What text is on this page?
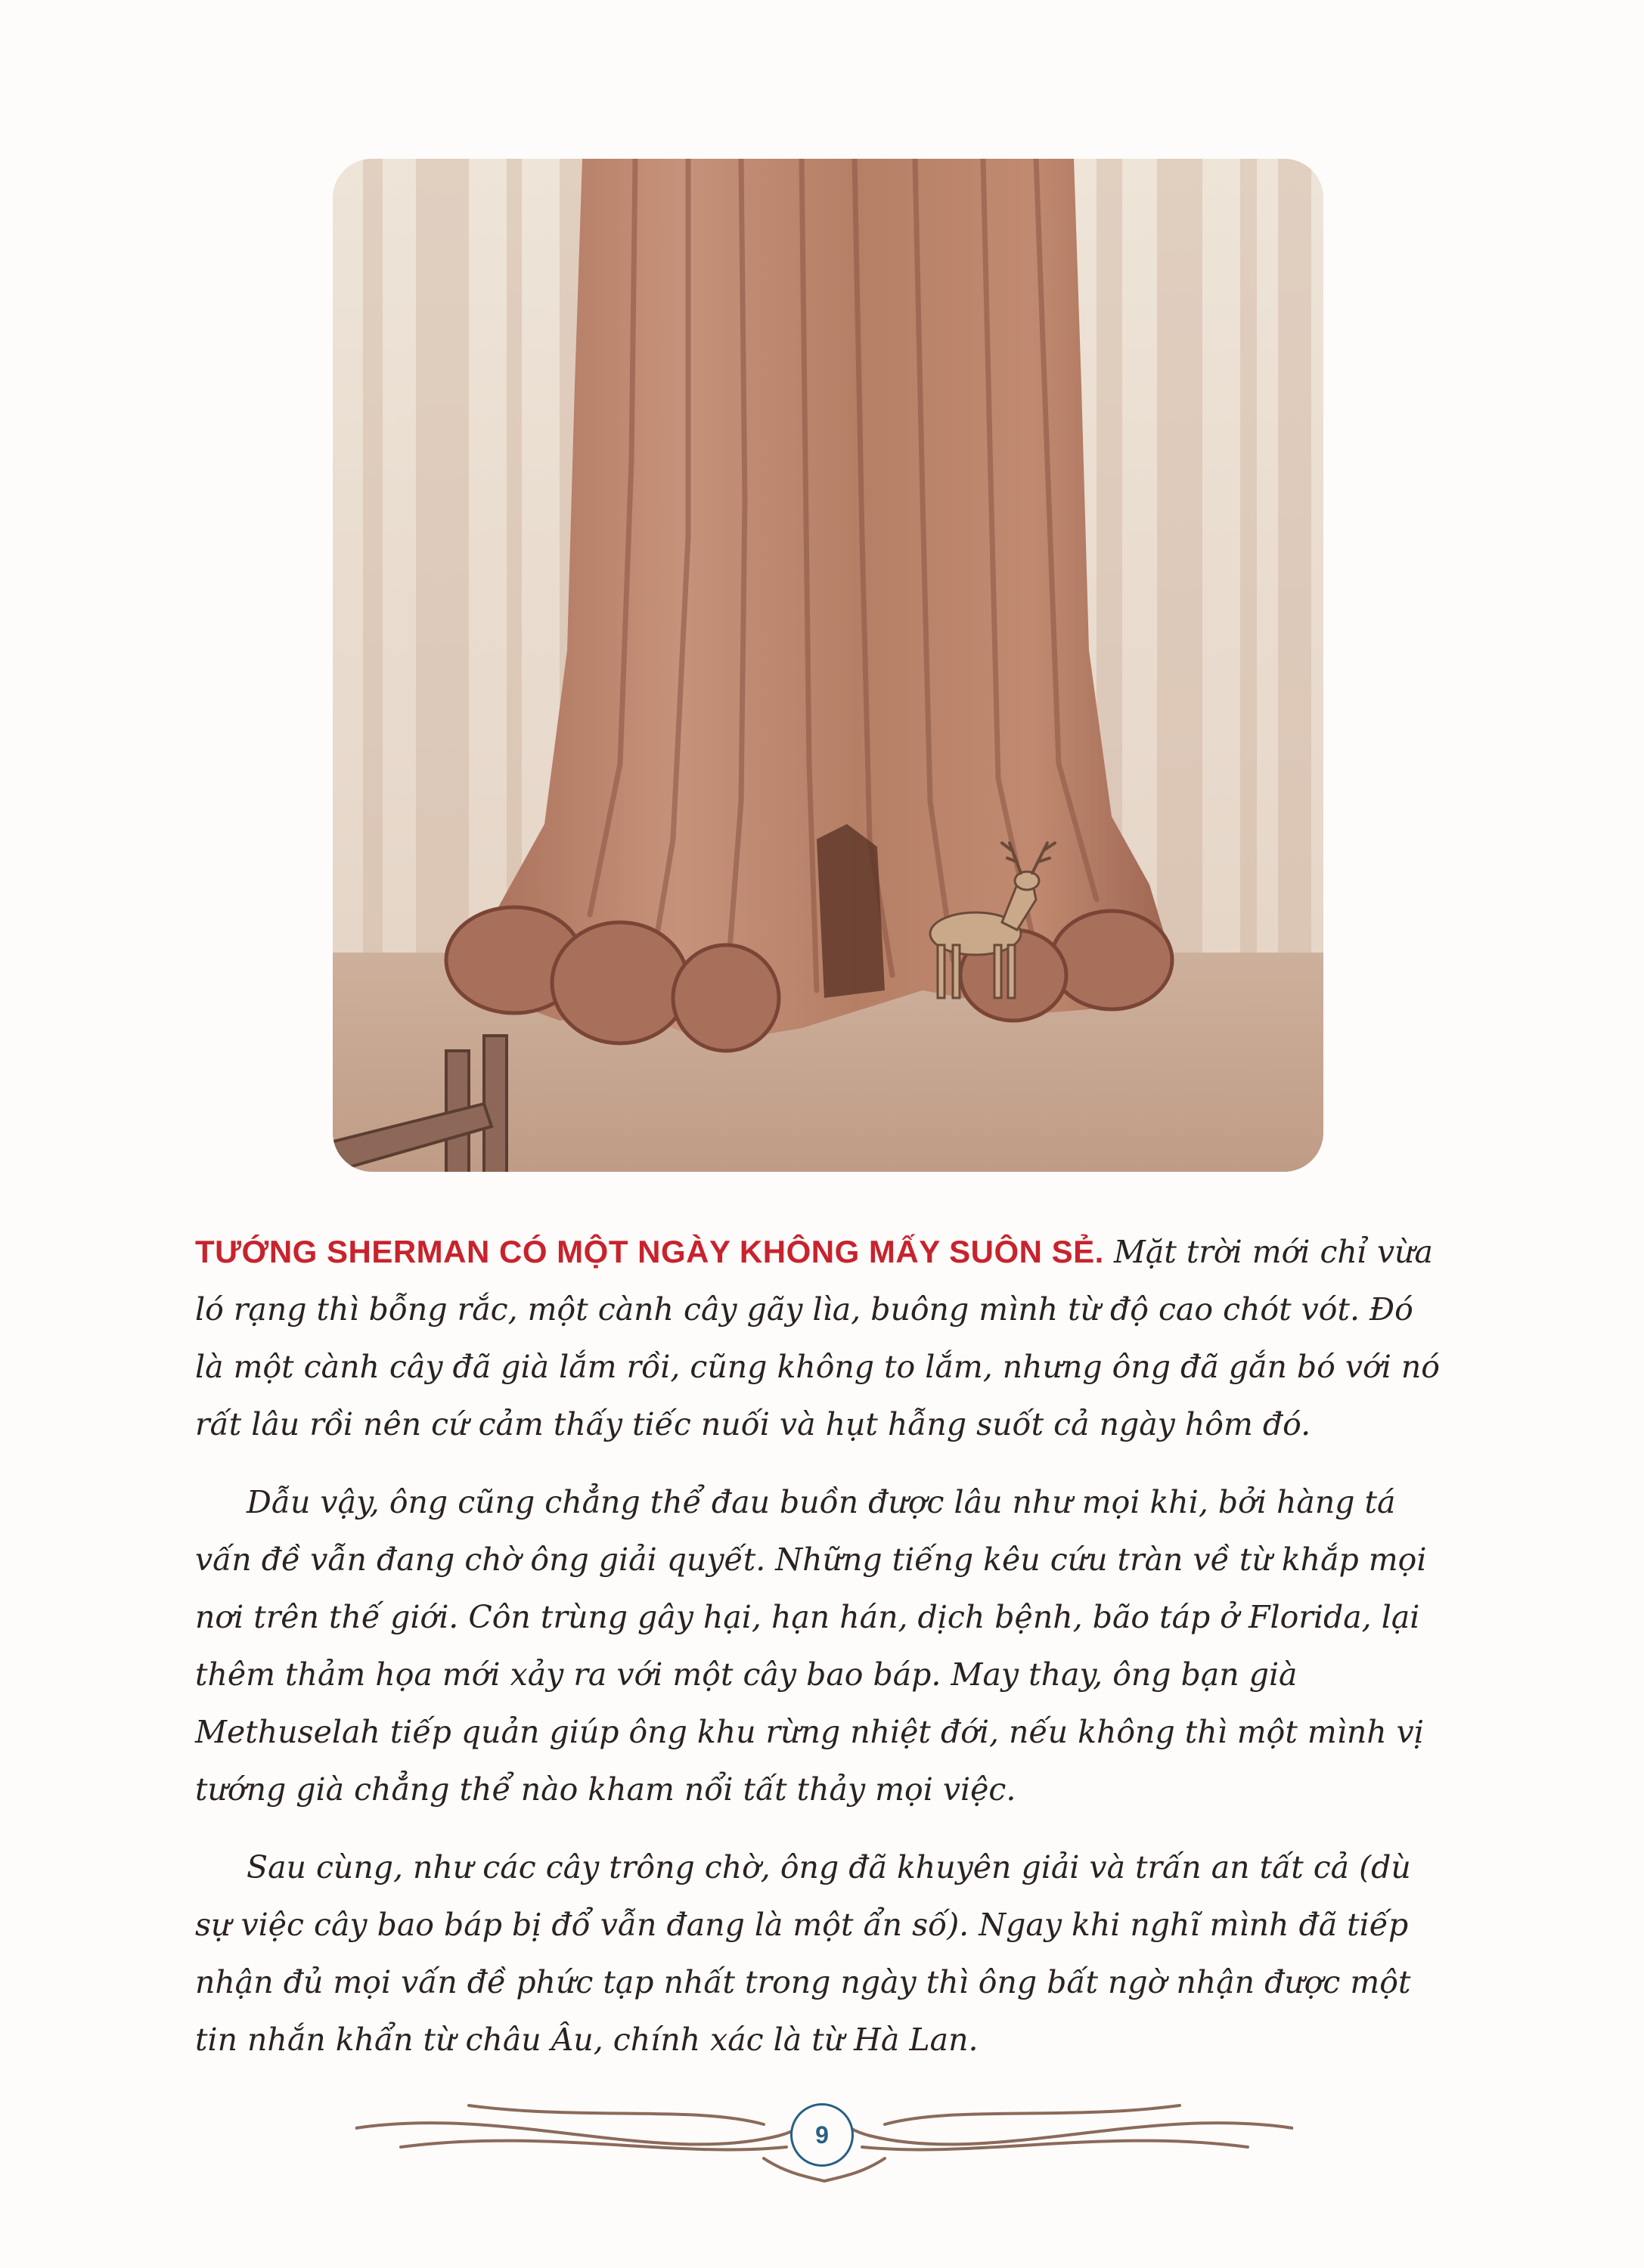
TƯỚNG SHERMAN CÓ MỘT NGÀY KHÔNG MẤY SUÔN SẺ. Mặt trời mới chỉ vừa ló rạng thì bỗng rắc, một cành cây gãy lìa, buông mình từ độ cao chót vót. Đó là một cành cây đã già lắm rồi, cũng không to lắm, nhưng ông đã gắn bó với nó rất lâu rồi nên cứ cảm thấy tiếc nuối và hụt hẫng suốt cả ngày hôm đó.

Dẫu vậy, ông cũng chẳng thể đau buồn được lâu như mọi khi, bởi hàng tá vấn đề vẫn đang chờ ông giải quyết. Những tiếng kêu cứu tràn về từ khắp mọi nơi trên thế giới. Côn trùng gây hại, hạn hán, dịch bệnh, bão táp ở Florida, lại thêm thảm họa mới xảy ra với một cây bao báp. May thay, ông bạn già Methuselah tiếp quản giúp ông khu rừng nhiệt đới, nếu không thì một mình vị tướng già chẳng thể nào kham nổi tất thảy mọi việc.

Sau cùng, như các cây trông chờ, ông đã khuyên giải và trấn an tất cả (dù sự việc cây bao báp bị đổ vẫn đang là một ẩn số). Ngay khi nghĩ mình đã tiếp nhận đủ mọi vấn đề phức tạp nhất trong ngày thì ông bất ngờ nhận được một tin nhắn khẩn từ châu Âu, chính xác là từ Hà Lan.

9
